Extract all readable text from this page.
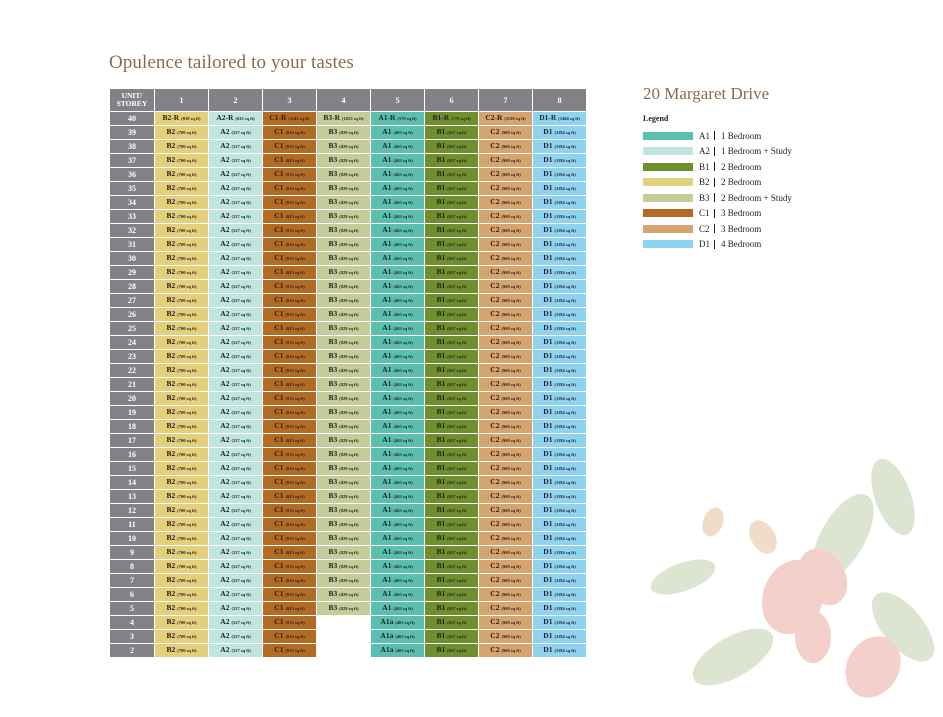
Opulence tailored to your tastes
UNIT/ STOREY	1	2	3	4	5	6	7	8
40	B2-R (818 sq ft)	A2-R (635 sq ft)	C1-R (1141 sq ft)	B3-R (1023 sq ft)	A1-R (570 sq ft)	B1-R (775 sq ft)	C2-R (1130 sq ft)	D1-R (1464 sq ft)
39	B2 (700 sq ft)	A2 (527 sq ft)	C1 (915 sq ft)	B3 (829 sq ft)	A1 (463 sq ft)	B1 (657 sq ft)	C2 (969 sq ft)	D1 (1184 sq ft)
38	B2 (700 sq ft)	A2 (527 sq ft)	C1 (915 sq ft)	B3 (829 sq ft)	A1 (463 sq ft)	B1 (657 sq ft)	C2 (969 sq ft)	D1 (1184 sq ft)
37	B2 (700 sq ft)	A2 (527 sq ft)	C1 (915 sq ft)	B3 (829 sq ft)	A1 (463 sq ft)	B1 (657 sq ft)	C2 (969 sq ft)	D1 (1184 sq ft)
36	B2 (700 sq ft)	A2 (527 sq ft)	C1 (915 sq ft)	B3 (829 sq ft)	A1 (463 sq ft)	B1 (657 sq ft)	C2 (969 sq ft)	D1 (1184 sq ft)
35	B2 (700 sq ft)	A2 (527 sq ft)	C1 (915 sq ft)	B3 (829 sq ft)	A1 (463 sq ft)	B1 (657 sq ft)	C2 (969 sq ft)	D1 (1184 sq ft)
34	B2 (700 sq ft)	A2 (527 sq ft)	C1 (915 sq ft)	B3 (829 sq ft)	A1 (463 sq ft)	B1 (657 sq ft)	C2 (969 sq ft)	D1 (1184 sq ft)
33	B2 (700 sq ft)	A2 (527 sq ft)	C1 (915 sq ft)	B3 (829 sq ft)	A1 (463 sq ft)	B1 (657 sq ft)	C2 (969 sq ft)	D1 (1184 sq ft)
32	B2 (700 sq ft)	A2 (527 sq ft)	C1 (915 sq ft)	B3 (829 sq ft)	A1 (463 sq ft)	B1 (657 sq ft)	C2 (969 sq ft)	D1 (1184 sq ft)
31	B2 (700 sq ft)	A2 (527 sq ft)	C1 (915 sq ft)	B3 (829 sq ft)	A1 (463 sq ft)	B1 (657 sq ft)	C2 (969 sq ft)	D1 (1184 sq ft)
30	B2 (700 sq ft)	A2 (527 sq ft)	C1 (915 sq ft)	B3 (829 sq ft)	A1 (463 sq ft)	B1 (657 sq ft)	C2 (969 sq ft)	D1 (1184 sq ft)
29	B2 (700 sq ft)	A2 (527 sq ft)	C1 (915 sq ft)	B3 (829 sq ft)	A1 (463 sq ft)	B1 (657 sq ft)	C2 (969 sq ft)	D1 (1184 sq ft)
28	B2 (700 sq ft)	A2 (527 sq ft)	C1 (915 sq ft)	B3 (829 sq ft)	A1 (463 sq ft)	B1 (657 sq ft)	C2 (969 sq ft)	D1 (1184 sq ft)
27	B2 (700 sq ft)	A2 (527 sq ft)	C1 (915 sq ft)	B3 (829 sq ft)	A1 (463 sq ft)	B1 (657 sq ft)	C2 (969 sq ft)	D1 (1184 sq ft)
26	B2 (700 sq ft)	A2 (527 sq ft)	C1 (915 sq ft)	B3 (829 sq ft)	A1 (463 sq ft)	B1 (657 sq ft)	C2 (969 sq ft)	D1 (1184 sq ft)
25	B2 (700 sq ft)	A2 (527 sq ft)	C1 (915 sq ft)	B3 (829 sq ft)	A1 (463 sq ft)	B1 (657 sq ft)	C2 (969 sq ft)	D1 (1184 sq ft)
24	B2 (700 sq ft)	A2 (527 sq ft)	C1 (915 sq ft)	B3 (829 sq ft)	A1 (463 sq ft)	B1 (657 sq ft)	C2 (969 sq ft)	D1 (1184 sq ft)
23	B2 (700 sq ft)	A2 (527 sq ft)	C1 (915 sq ft)	B3 (829 sq ft)	A1 (463 sq ft)	B1 (657 sq ft)	C2 (969 sq ft)	D1 (1184 sq ft)
22	B2 (700 sq ft)	A2 (527 sq ft)	C1 (915 sq ft)	B3 (829 sq ft)	A1 (463 sq ft)	B1 (657 sq ft)	C2 (969 sq ft)	D1 (1184 sq ft)
21	B2 (700 sq ft)	A2 (527 sq ft)	C1 (915 sq ft)	B3 (829 sq ft)	A1 (463 sq ft)	B1 (657 sq ft)	C2 (969 sq ft)	D1 (1184 sq ft)
20	B2 (700 sq ft)	A2 (527 sq ft)	C1 (915 sq ft)	B3 (829 sq ft)	A1 (463 sq ft)	B1 (657 sq ft)	C2 (969 sq ft)	D1 (1184 sq ft)
19	B2 (700 sq ft)	A2 (527 sq ft)	C1 (915 sq ft)	B3 (829 sq ft)	A1 (463 sq ft)	B1 (657 sq ft)	C2 (969 sq ft)	D1 (1184 sq ft)
18	B2 (700 sq ft)	A2 (527 sq ft)	C1 (915 sq ft)	B3 (829 sq ft)	A1 (463 sq ft)	B1 (657 sq ft)	C2 (969 sq ft)	D1 (1184 sq ft)
17	B2 (700 sq ft)	A2 (527 sq ft)	C1 (915 sq ft)	B3 (829 sq ft)	A1 (463 sq ft)	B1 (657 sq ft)	C2 (969 sq ft)	D1 (1184 sq ft)
16	B2 (700 sq ft)	A2 (527 sq ft)	C1 (915 sq ft)	B3 (829 sq ft)	A1 (463 sq ft)	B1 (657 sq ft)	C2 (969 sq ft)	D1 (1184 sq ft)
15	B2 (700 sq ft)	A2 (527 sq ft)	C1 (915 sq ft)	B3 (829 sq ft)	A1 (463 sq ft)	B1 (657 sq ft)	C2 (969 sq ft)	D1 (1184 sq ft)
14	B2 (700 sq ft)	A2 (527 sq ft)	C1 (915 sq ft)	B3 (829 sq ft)	A1 (463 sq ft)	B1 (657 sq ft)	C2 (969 sq ft)	D1 (1184 sq ft)
13	B2 (700 sq ft)	A2 (527 sq ft)	C1 (915 sq ft)	B3 (829 sq ft)	A1 (463 sq ft)	B1 (657 sq ft)	C2 (969 sq ft)	D1 (1184 sq ft)
12	B2 (700 sq ft)	A2 (527 sq ft)	C1 (915 sq ft)	B3 (829 sq ft)	A1 (463 sq ft)	B1 (657 sq ft)	C2 (969 sq ft)	D1 (1184 sq ft)
11	B2 (700 sq ft)	A2 (527 sq ft)	C1 (915 sq ft)	B3 (829 sq ft)	A1 (463 sq ft)	B1 (657 sq ft)	C2 (969 sq ft)	D1 (1184 sq ft)
10	B2 (700 sq ft)	A2 (527 sq ft)	C1 (915 sq ft)	B3 (829 sq ft)	A1 (463 sq ft)	B1 (657 sq ft)	C2 (969 sq ft)	D1 (1184 sq ft)
9	B2 (700 sq ft)	A2 (527 sq ft)	C1 (915 sq ft)	B3 (829 sq ft)	A1 (463 sq ft)	B1 (657 sq ft)	C2 (969 sq ft)	D1 (1184 sq ft)
8	B2 (700 sq ft)	A2 (527 sq ft)	C1 (915 sq ft)	B3 (829 sq ft)	A1 (463 sq ft)	B1 (657 sq ft)	C2 (969 sq ft)	D1 (1184 sq ft)
7	B2 (700 sq ft)	A2 (527 sq ft)	C1 (915 sq ft)	B3 (829 sq ft)	A1 (463 sq ft)	B1 (657 sq ft)	C2 (969 sq ft)	D1 (1184 sq ft)
6	B2 (700 sq ft)	A2 (527 sq ft)	C1 (915 sq ft)	B3 (829 sq ft)	A1 (463 sq ft)	B1 (657 sq ft)	C2 (969 sq ft)	D1 (1184 sq ft)
5	B2 (700 sq ft)	A2 (527 sq ft)	C1 (915 sq ft)	B3 (829 sq ft)	A1 (463 sq ft)	B1 (657 sq ft)	C2 (969 sq ft)	D1 (1184 sq ft)
4	B2 (700 sq ft)	A2 (527 sq ft)	C1 (915 sq ft)		A1a (463 sq ft)	B1 (657 sq ft)	C2 (969 sq ft)	D1 (1184 sq ft)
3	B2 (700 sq ft)	A2 (527 sq ft)	C1 (915 sq ft)		A1a (463 sq ft)	B1 (657 sq ft)	C2 (969 sq ft)	D1 (1184 sq ft)
2	B2 (700 sq ft)	A2 (527 sq ft)	C1 (915 sq ft)		A1a (463 sq ft)	B1 (657 sq ft)	C2 (969 sq ft)	D1 (1184 sq ft)
20 Margaret Drive
Legend
A1 1 Bedroom
A2 1 Bedroom + Study
B1 2 Bedroom
B2 2 Bedroom
B3 2 Bedroom + Study
C1 3 Bedroom
C2 3 Bedroom
D1 4 Bedroom
